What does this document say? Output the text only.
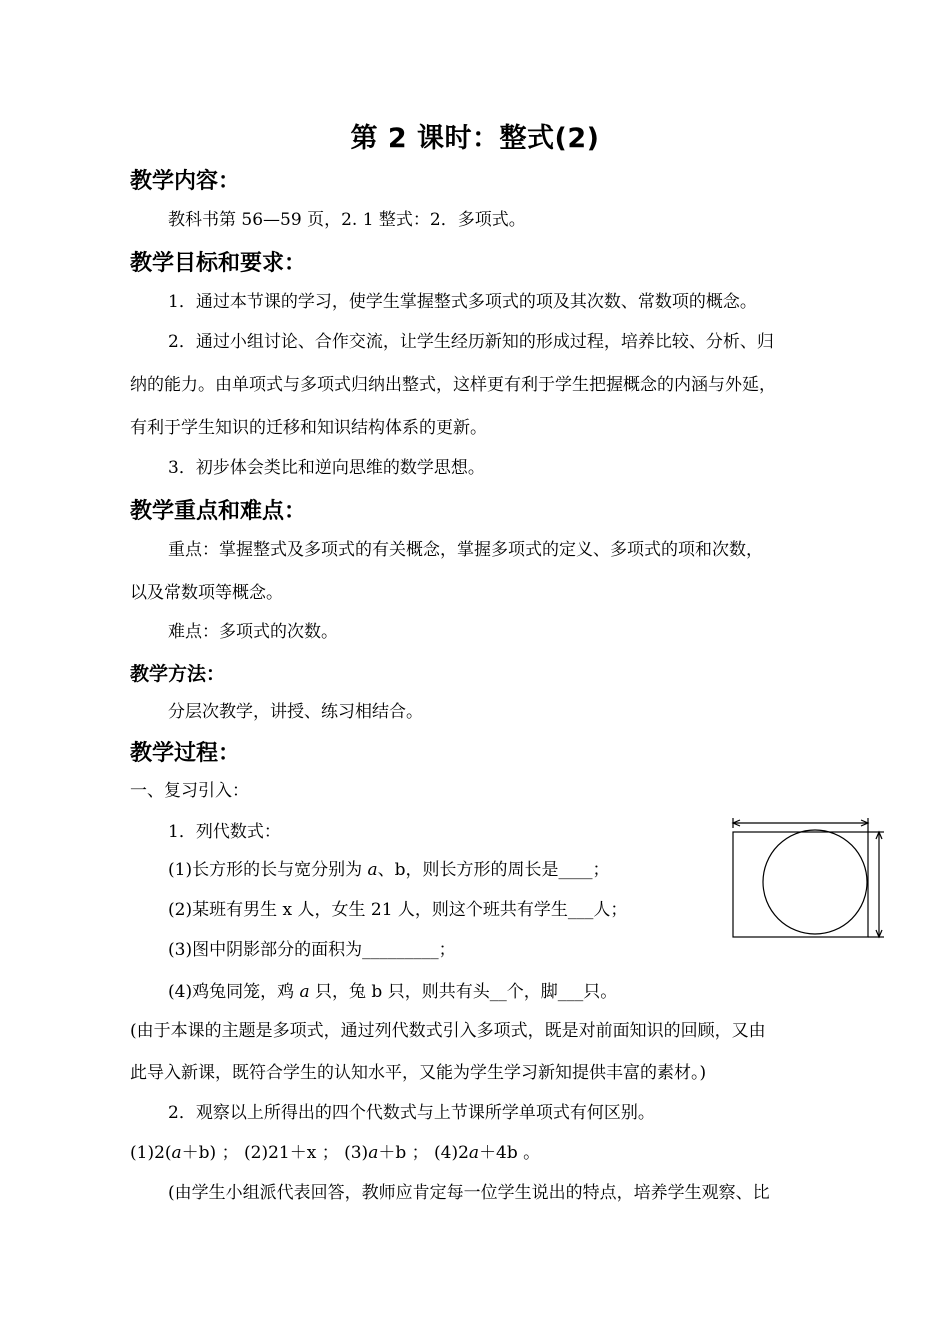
第 2 课时：整式(2)
教学内容：
教科书第 56—59 页，2. 1 整式：2．多项式。
教学目标和要求：
1．通过本节课的学习，使学生掌握整式多项式的项及其次数、常数项的概念。
2．通过小组讨论、合作交流，让学生经历新知的形成过程，培养比较、分析、归
纳的能力。由单项式与多项式归纳出整式，这样更有利于学生把握概念的内涵与外延，
有利于学生知识的迁移和知识结构体系的更新。
3．初步体会类比和逆向思维的数学思想。
教学重点和难点：
重点：掌握整式及多项式的有关概念，掌握多项式的定义、多项式的项和次数，
以及常数项等概念。
难点：多项式的次数。
教学方法：
分层次教学，讲授、练习相结合。
教学过程：
一、复习引入：
1．列代数式：
(1)长方形的长与宽分别为 a、b，则长方形的周长是____；
(2)某班有男生 x 人，女生 21 人，则这个班共有学生___人；
(3)图中阴影部分的面积为_________；
(4)鸡兔同笼，鸡 a 只，兔 b 只，则共有头__个，脚___只。
(由于本课的主题是多项式，通过列代数式引入多项式，既是对前面知识的回顾，又由
此导入新课，既符合学生的认知水平，又能为学生学习新知提供丰富的素材。)
2．观察以上所得出的四个代数式与上节课所学单项式有何区别。
(1)2(a＋b) ； (2)21＋x ； (3)a＋b ； (4)2a＋4b 。
(由学生小组派代表回答，教师应肯定每一位学生说出的特点，培养学生观察、比
